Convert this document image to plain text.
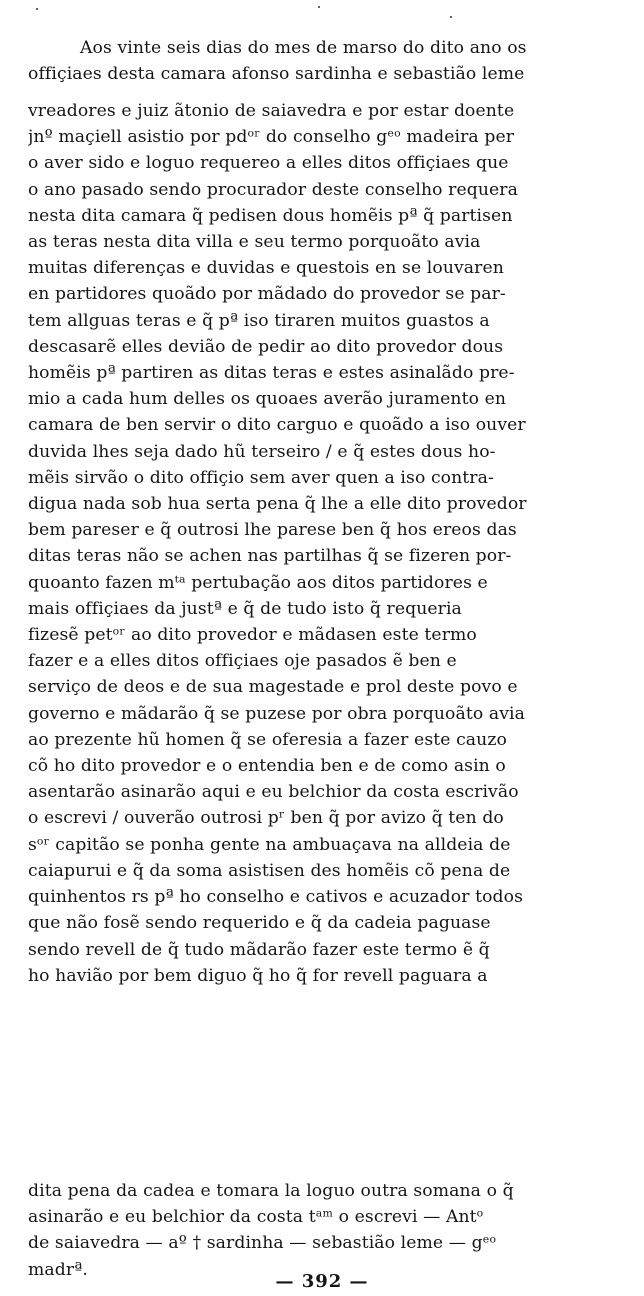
Aos vinte seis dias do mes de marso do dito ano os
offiçiaes desta camara afonso sardinha e sebastião leme
vreadores e juiz ãtonio de saiavedra e por estar doente
jnº maçiell asistio por pdᵒʳ do conselho gᵉᵒ madeira per
o aver sido e loguo requereo a elles ditos offiçiaes que
o ano pasado sendo procurador deste conselho requera
nesta dita camara q̃ pedisen dous homẽis pª q̃ partisen
as teras nesta dita villa e seu termo porquoãto avia
muitas diferenças e duvidas e questois en se louvaren
en partidores quoãdo por mãdado do provedor se par-
tem allguas teras e q̃ pª iso tiraren muitos guastos a
descasarẽ elles devião de pedir ao dito provedor dous
homẽis pª partiren as ditas teras e estes asinalãdo pre-
mio a cada hum delles os quoaes averão juramento en
camara de ben servir o dito carguo e quoãdo a iso ouver
duvida lhes seja dado hũ terseiro / e q̃ estes dous ho-
mẽis sirvão o dito offiçio sem aver quen a iso contra-
digua nada sob hua serta pena q̃ lhe a elle dito provedor
bem pareser e q̃ outrosi lhe parese ben q̃ hos ereos das
ditas teras não se achen nas partilhas q̃ se fizeren por-
quoanto fazen mᵗᵃ pertubação aos ditos partidores e
mais offiçiaes da justª e q̃ de tudo isto q̃ requeria
fizesẽ petᵒʳ ao dito provedor e mãdasen este termo
fazer e a elles ditos offiçiaes oje pasados ẽ ben e
serviço de deos e de sua magestade e prol deste povo e
governo e mãdarão q̃ se puzese por obra porquoãto avia
ao prezente hũ homen q̃ se oferesia a fazer este cauzo
cõ ho dito provedor e o entendia ben e de como asin o
asentarão asinarão aqui e eu belchior da costa escrivão
o escrevi / ouverão outrosi pʳ ben q̃ por avizo q̃ ten do
sᵒʳ capitão se ponha gente na ambuaçava na alldeia de
caiapurui e q̃ da soma asistisen des homẽis cõ pena de
quinhentos rs pª ho conselho e cativos e acuzador todos
que não fosẽ sendo requerido e q̃ da cadeia paguase
sendo revell de q̃ tudo mãdarão fazer este termo ẽ q̃
ho havião por bem diguo q̃ ho q̃ for revell paguara a
dita pena da cadea e tomara la loguo outra somana o q̃
asinarão e eu belchior da costa tᵃᵐ o escrevi — Antᵒ
de saiavedra — aº † sardinha — sebastião leme — gᵉᵒ
madrª.
— 392 —
